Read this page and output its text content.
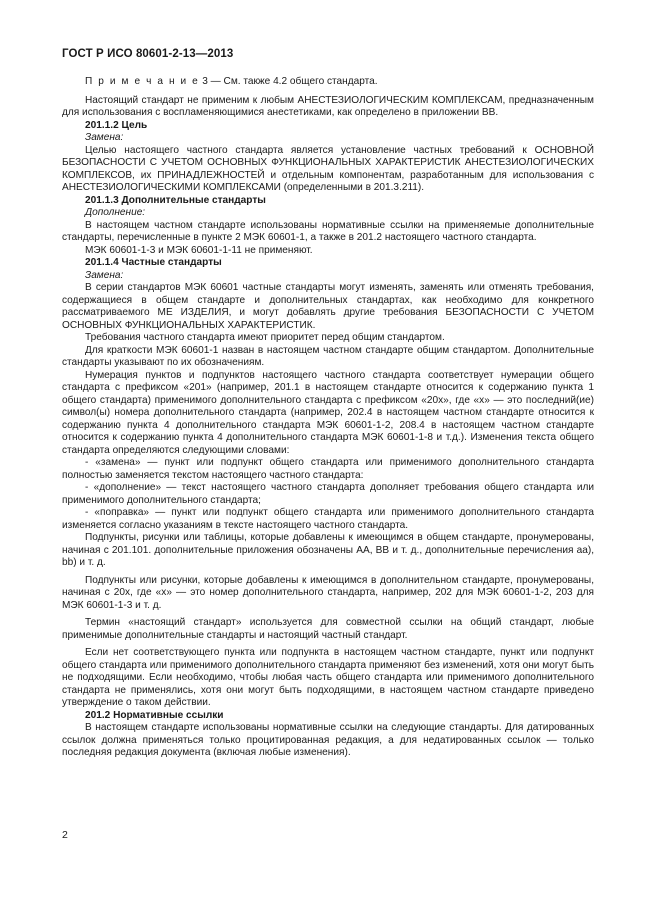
ГОСТ Р ИСО 80601-2-13—2013

П р и м е ч а н и е 3 — См. также 4.2 общего стандарта.

Настоящий стандарт не применим к любым АНЕСТЕЗИОЛОГИЧЕСКИМ КОМПЛЕКСАМ, предназначенным для использования с воспламеняющимися анестетиками, как определено в приложении ВВ.

201.1.2 Цель

Замена:

Целью настоящего частного стандарта является установление частных требований к ОСНОВНОЙ БЕЗОПАСНОСТИ С УЧЕТОМ ОСНОВНЫХ ФУНКЦИОНАЛЬНЫХ ХАРАКТЕРИСТИК АНЕСТЕЗИОЛОГИЧЕСКИХ КОМПЛЕКСОВ, их ПРИНАДЛЕЖНОСТЕЙ и отдельным компонентам, разработанным для использования с АНЕСТЕЗИОЛОГИЧЕСКИМИ КОМПЛЕКСАМИ (определенными в 201.3.211).

201.1.3 Дополнительные стандарты

Дополнение:

В настоящем частном стандарте использованы нормативные ссылки на применяемые дополнительные стандарты, перечисленные в пункте 2 МЭК 60601-1, а также в 201.2 настоящего частного стандарта.

МЭК 60601-1-3 и МЭК 60601-1-11 не применяют.

201.1.4 Частные стандарты

Замена:

В серии стандартов МЭК 60601 частные стандарты могут изменять, заменять или отменять требования, содержащиеся в общем стандарте и дополнительных стандартах, как необходимо для конкретного рассматриваемого МЕ ИЗДЕЛИЯ, и могут добавлять другие требования БЕЗОПАСНОСТИ С УЧЕТОМ ОСНОВНЫХ ФУНКЦИОНАЛЬНЫХ ХАРАКТЕРИСТИК.

Требования частного стандарта имеют приоритет перед общим стандартом.

Для краткости МЭК 60601-1 назван в настоящем частном стандарте общим стандартом. Дополнительные стандарты указывают по их обозначениям.

Нумерация пунктов и подпунктов настоящего частного стандарта соответствует нумерации общего стандарта с префиксом «201» (например, 201.1 в настоящем стандарте относится к содержанию пункта 1 общего стандарта) применимого дополнительного стандарта с префиксом «20х», где «х» — это последний(ие) символ(ы) номера дополнительного стандарта (например, 202.4 в настоящем частном стандарте относится к содержанию пункта 4 дополнительного стандарта МЭК 60601-1-2, 208.4 в настоящем частном стандарте относится к содержанию пункта 4 дополнительного стандарта МЭК 60601-1-8 и т.д.). Изменения текста общего стандарта определяются следующими словами:

- «замена» — пункт или подпункт общего стандарта или применимого дополнительного стандарта полностью заменяется текстом настоящего частного стандарта:

- «дополнение» — текст настоящего частного стандарта дополняет требования общего стандарта или применимого дополнительного стандарта;

- «поправка» — пункт или подпункт общего стандарта или применимого дополнительного стандарта изменяется согласно указаниям в тексте настоящего частного стандарта.

Подпункты, рисунки или таблицы, которые добавлены к имеющимся в общем стандарте, пронумерованы, начиная с 201.101. дополнительные приложения обозначены АА, ВВ и т. д., дополнительные перечисления аа), bb) и т. д.

Подпункты или рисунки, которые добавлены к имеющимся в дополнительном стандарте, пронумерованы, начиная с 20х, где «х» — это номер дополнительного стандарта, например, 202 для МЭК 60601-1-2, 203 для МЭК 60601-1-3 и т. д.

Термин «настоящий стандарт» используется для совместной ссылки на общий стандарт, любые применимые дополнительные стандарты и настоящий частный стандарт.

Если нет соответствующего пункта или подпункта в настоящем частном стандарте, пункт или подпункт общего стандарта или применимого дополнительного стандарта применяют без изменений, хотя они могут быть не подходящими. Если необходимо, чтобы любая часть общего стандарта или применимого дополнительного стандарта не применялись, хотя они могут быть подходящими, в настоящем частном стандарте приведено утверждение о таком действии.

201.2 Нормативные ссылки

В настоящем стандарте использованы нормативные ссылки на следующие стандарты. Для датированных ссылок должна применяться только процитированная редакция, а для недатированных ссылок — только последняя редакция документа (включая любые изменения).

2
